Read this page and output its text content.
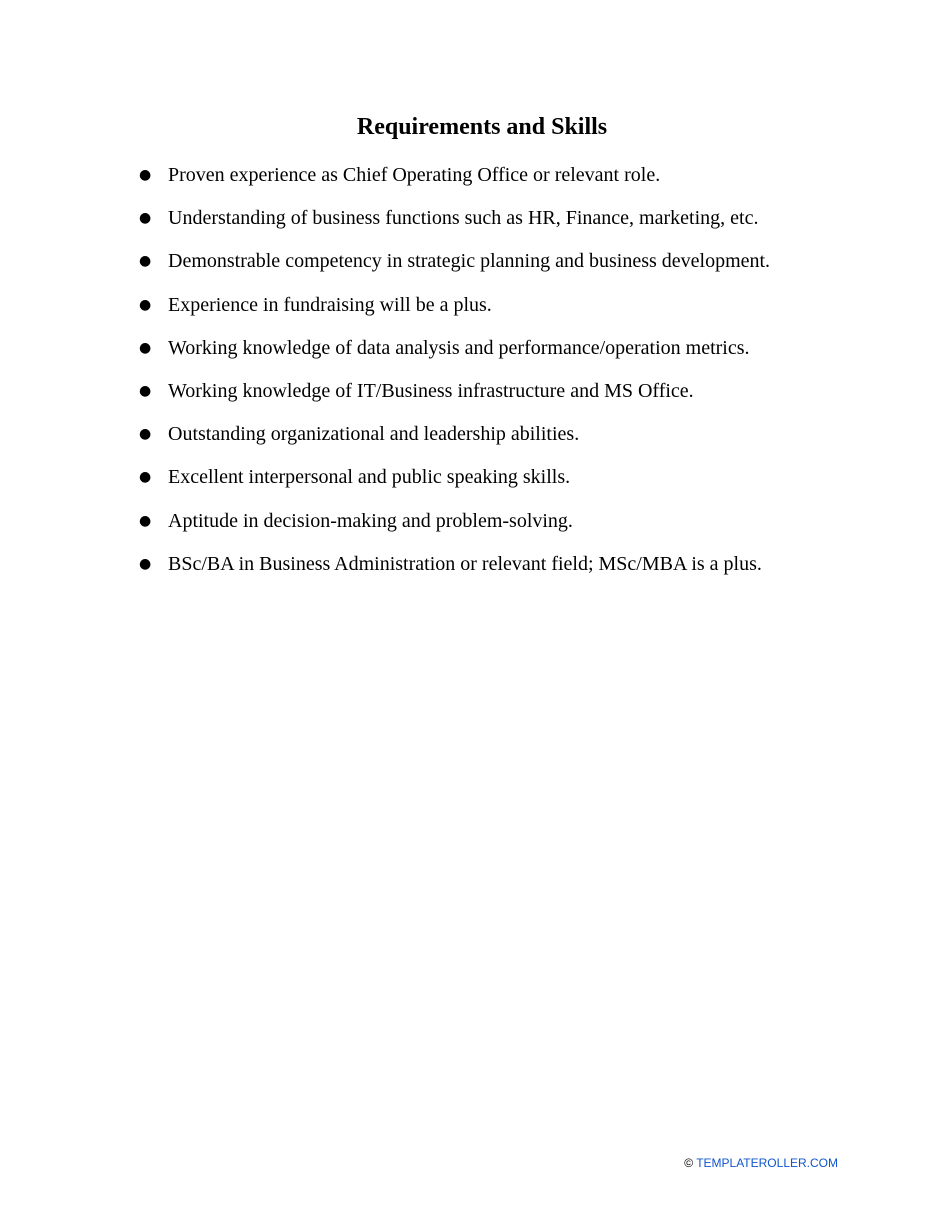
Requirements and Skills
● Proven experience as Chief Operating Office or relevant role.
● Understanding of business functions such as HR, Finance, marketing, etc.
● Demonstrable competency in strategic planning and business development.
● Experience in fundraising will be a plus.
● Working knowledge of data analysis and performance/operation metrics.
● Working knowledge of IT/Business infrastructure and MS Office.
● Outstanding organizational and leadership abilities.
● Excellent interpersonal and public speaking skills.
● Aptitude in decision-making and problem-solving.
● BSc/BA in Business Administration or relevant field; MSc/MBA is a plus.
© TEMPLATEROLLER.COM
